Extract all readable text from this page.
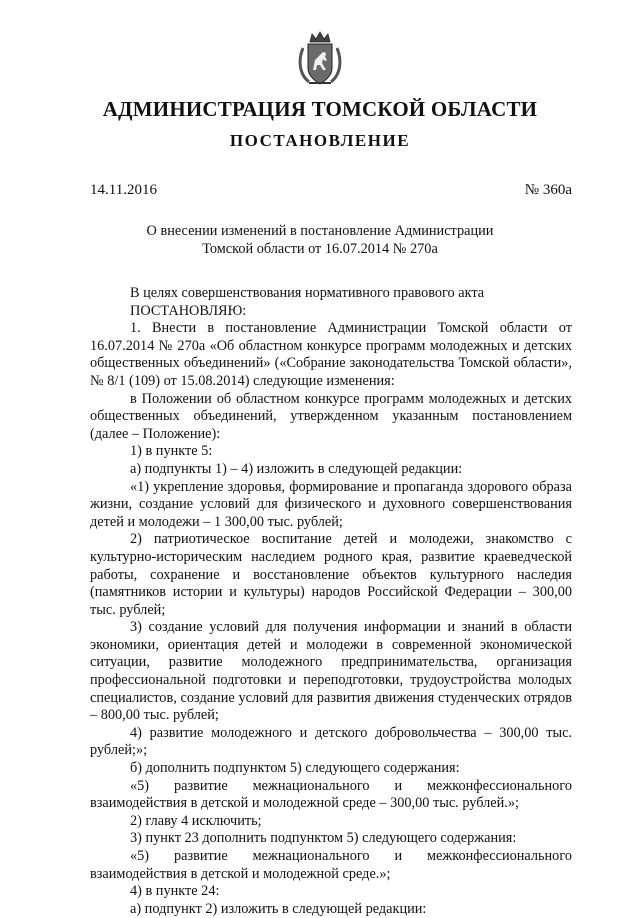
АДМИНИСТРАЦИЯ ТОМСКОЙ ОБЛАСТИ
ПОСТАНОВЛЕНИЕ
14.11.2016	№ 360а
О внесении изменений в постановление Администрации
Томской области от 16.07.2014 № 270а

В целях совершенствования нормативного правового акта

ПОСТАНОВЛЯЮ:

1. Внести в постановление Администрации Томской области от 16.07.2014 № 270а «Об областном конкурсе программ молодежных и детских общественных объединений» («Собрание законодательства Томской области», № 8/1 (109) от 15.08.2014) следующие изменения:

в Положении об областном конкурсе программ молодежных и детских общественных объединений, утвержденном указанным постановлением (далее – Положение):

1) в пункте 5:

а) подпункты 1) – 4) изложить в следующей редакции:

«1) укрепление здоровья, формирование и пропаганда здорового образа жизни, создание условий для физического и духовного совершенствования детей и молодежи – 1 300,00 тыс. рублей;

2) патриотическое воспитание детей и молодежи, знакомство с культурно-историческим наследием родного края, развитие краеведческой работы, сохранение и восстановление объектов культурного наследия (памятников истории и культуры) народов Российской Федерации – 300,00 тыс. рублей;

3) создание условий для получения информации и знаний в области экономики, ориентация детей и молодежи в современной экономической ситуации, развитие молодежного предпринимательства, организация профессиональной подготовки и переподготовки, трудоустройства молодых специалистов, создание условий для развития движения студенческих отрядов – 800,00 тыс. рублей;

4) развитие молодежного и детского добровольчества – 300,00 тыс. рублей;»;

б) дополнить подпунктом 5) следующего содержания:

«5) развитие межнационального и межконфессионального взаимодействия в детской и молодежной среде – 300,00 тыс. рублей.»;

2) главу 4 исключить;

3) пункт 23 дополнить подпунктом 5) следующего содержания:

«5) развитие межнационального и межконфессионального взаимодействия в детской и молодежной среде.»;

4) в пункте 24:

а) подпункт 2) изложить в следующей редакции:
